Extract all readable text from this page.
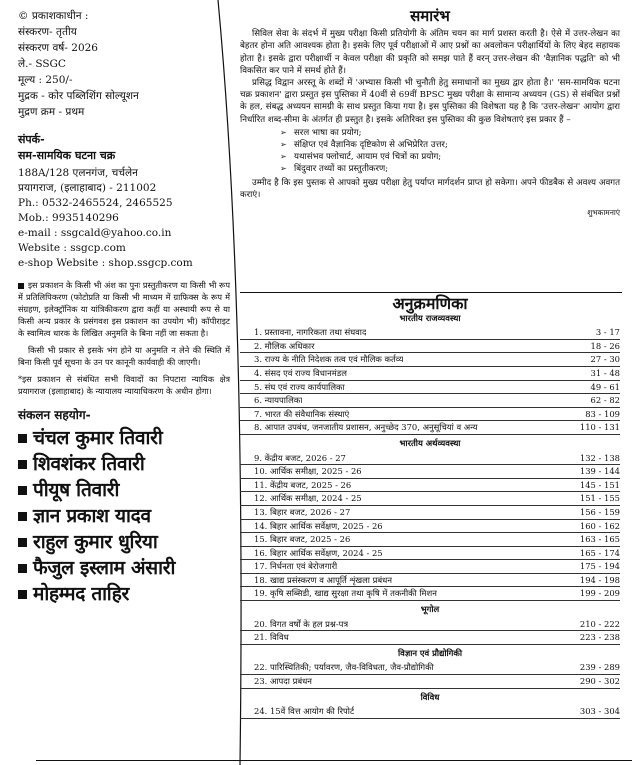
© प्रकाशकाधीन :
संस्करण- तृतीय
संस्करण वर्ष- 2026
ले.- SSGC
मूल्य : 250/-
मुद्रक - कोर पब्लिशिंग सोल्यूशन
मुद्रण क्रम - प्रथम
संपर्क-
सम-सामयिक घटना चक्र
188A/128 एलनगंज, चर्चलेन
प्रयागराज, (इलाहाबाद) - 211002
Ph.: 0532-2465524, 2465525
Mob.: 9935140296
e-mail : ssgcald@yahoo.co.in
Website : ssgcp.com
e-shop Website : shop.ssgcp.com

इस प्रकाशन के किसी भी अंश का पुनः प्रस्तुतीकरण या किसी भी रूप में प्रतिलिपिकरण (फोटोप्रति या किसी भी माध्यम में ग्राफिक्स के रूप में संग्रहण, इलेक्ट्रॉनिक या यांत्रिकीकरण द्वारा कहीं या अस्थायी रूप से या किसी अन्य प्रकार के प्रसंगवश इस प्रकाशन का उपयोग भी) कॉपीराइट के स्वामित्व धारक के लिखित अनुमति के बिना नहीं जा सकता है।

किसी भी प्रकार से इसके भंग होने या अनुमति न लेने की स्थिति में बिना किसी पूर्व सूचना के उन पर कानूनी कार्यवाही की जाएगी।

*इस प्रकाशन से संबंधित सभी विवादों का निपटारा न्यायिक क्षेत्र प्रयागराज (इलाहाबाद) के न्यायालय न्यायाधिकरण के अधीन होगा।

संकलन सहयोग-
चंचल कुमार तिवारी
शिवशंकर तिवारी
पीयूष तिवारी
ज्ञान प्रकाश यादव
राहुल कुमार धुरिया
फैजुल इस्लाम अंसारी
मोहम्मद ताहिर
समारंभ

सिविल सेवा के संदर्भ में मुख्य परीक्षा किसी प्रतियोगी के अंतिम चयन का मार्ग प्रशस्त करती है। ऐसे में उत्तर-लेखन का बेहतर होना अति आवश्यक होता है। इसके लिए पूर्व परीक्षाओं में आए प्रश्नों का अवलोकन परीक्षार्थियों के लिए बेहद सहायक होता है। इसके द्वारा परीक्षार्थी न केवल परीक्षा की प्रकृति को समझ पाते हैं वरन् उत्तर-लेखन की 'वैज्ञानिक पद्धति' को भी विकसित कर पाने में समर्थ होते हैं।

प्रसिद्ध विद्वान अरस्तू के शब्दों में 'अभ्यास किसी भी चुनौती हेतु समाधानों का मुख्य द्वार होता है।' 'सम-सामयिक घटना चक्र प्रकाशन' द्वारा प्रस्तुत इस पुस्तिका में 40वीं से 69वीं BPSC मुख्य परीक्षा के सामान्य अध्ययन (GS) से संबंधित प्रश्नों के हल, संबद्ध अध्ययन सामग्री के साथ प्रस्तुत किया गया है। इस पुस्तिका की विशेषता यह है कि 'उत्तर-लेखन' आयोग द्वारा निर्धारित शब्द-सीमा के अंतर्गत ही प्रस्तुत है। इसके अतिरिक्त इस पुस्तिका की कुछ विशेषताएं इस प्रकार हैं –

➢ सरल भाषा का प्रयोग;
➢ संक्षिप्त एवं वैज्ञानिक दृष्टिकोण से अभिप्रेरित उत्तर;
➢ यथासंभव फ्लोचार्ट, आयाम एवं चित्रों का प्रयोग;
➢ बिंदुवार तथ्यों का प्रस्तुतीकरण;

उम्मीद है कि इस पुस्तक से आपको मुख्य परीक्षा हेतु पर्याप्त मार्गदर्शन प्राप्त हो सकेगा। अपने फीडबैक से अवश्य अवगत कराएं।

शुभकामनाएं
अनुक्रमणिका
भारतीय राजव्यवस्था
1. प्रस्तावना, नागरिकता तथा संघवाद	3 - 17
2. मौलिक अधिकार	18 - 26
3. राज्य के नीति निदेशक तत्व एवं मौलिक कर्तव्य	27 - 30
4. संसद एवं राज्य विधानमंडल	31 - 48
5. संघ एवं राज्य कार्यपालिका	49 - 61
6. न्यायपालिका	62 - 82
7. भारत की संवैधानिक संस्थाएं	83 - 109
8. आपात उपबंध, जनजातीय प्रशासन, अनुच्छेद 370, अनुसूचियां व अन्य	110 - 131
भारतीय अर्थव्यवस्था
9. केंद्रीय बजट, 2026 - 27	132 - 138
10. आर्थिक समीक्षा, 2025 - 26	139 - 144
11. केंद्रीय बजट, 2025 - 26	145 - 151
12. आर्थिक समीक्षा, 2024 - 25	151 - 155
13. बिहार बजट, 2026 - 27	156 - 159
14. बिहार आर्थिक सर्वेक्षण, 2025 - 26	160 - 162
15. बिहार बजट, 2025 - 26	163 - 165
16. बिहार आर्थिक सर्वेक्षण, 2024 - 25	165 - 174
17. निर्धनता एवं बेरोजगारी	175 - 194
18. खाद्य प्रसंस्करण व आपूर्ति शृंखला प्रबंधन	194 - 198
19. कृषि सब्सिडी, खाद्य सुरक्षा तथा कृषि में तकनीकी मिशन	199 - 209
भूगोल
20. विगत वर्षों के हल प्रश्न-पत्र	210 - 222
21. विविध	223 - 238
विज्ञान एवं प्रौद्योगिकी
22. पारिस्थितिकी; पर्यावरण, जैव-विविधता, जैव-प्रौद्योगिकी	239 - 289
23. आपदा प्रबंधन	290 - 302
विविध
24. 15वें वित्त आयोग की रिपोर्ट	303 - 304
